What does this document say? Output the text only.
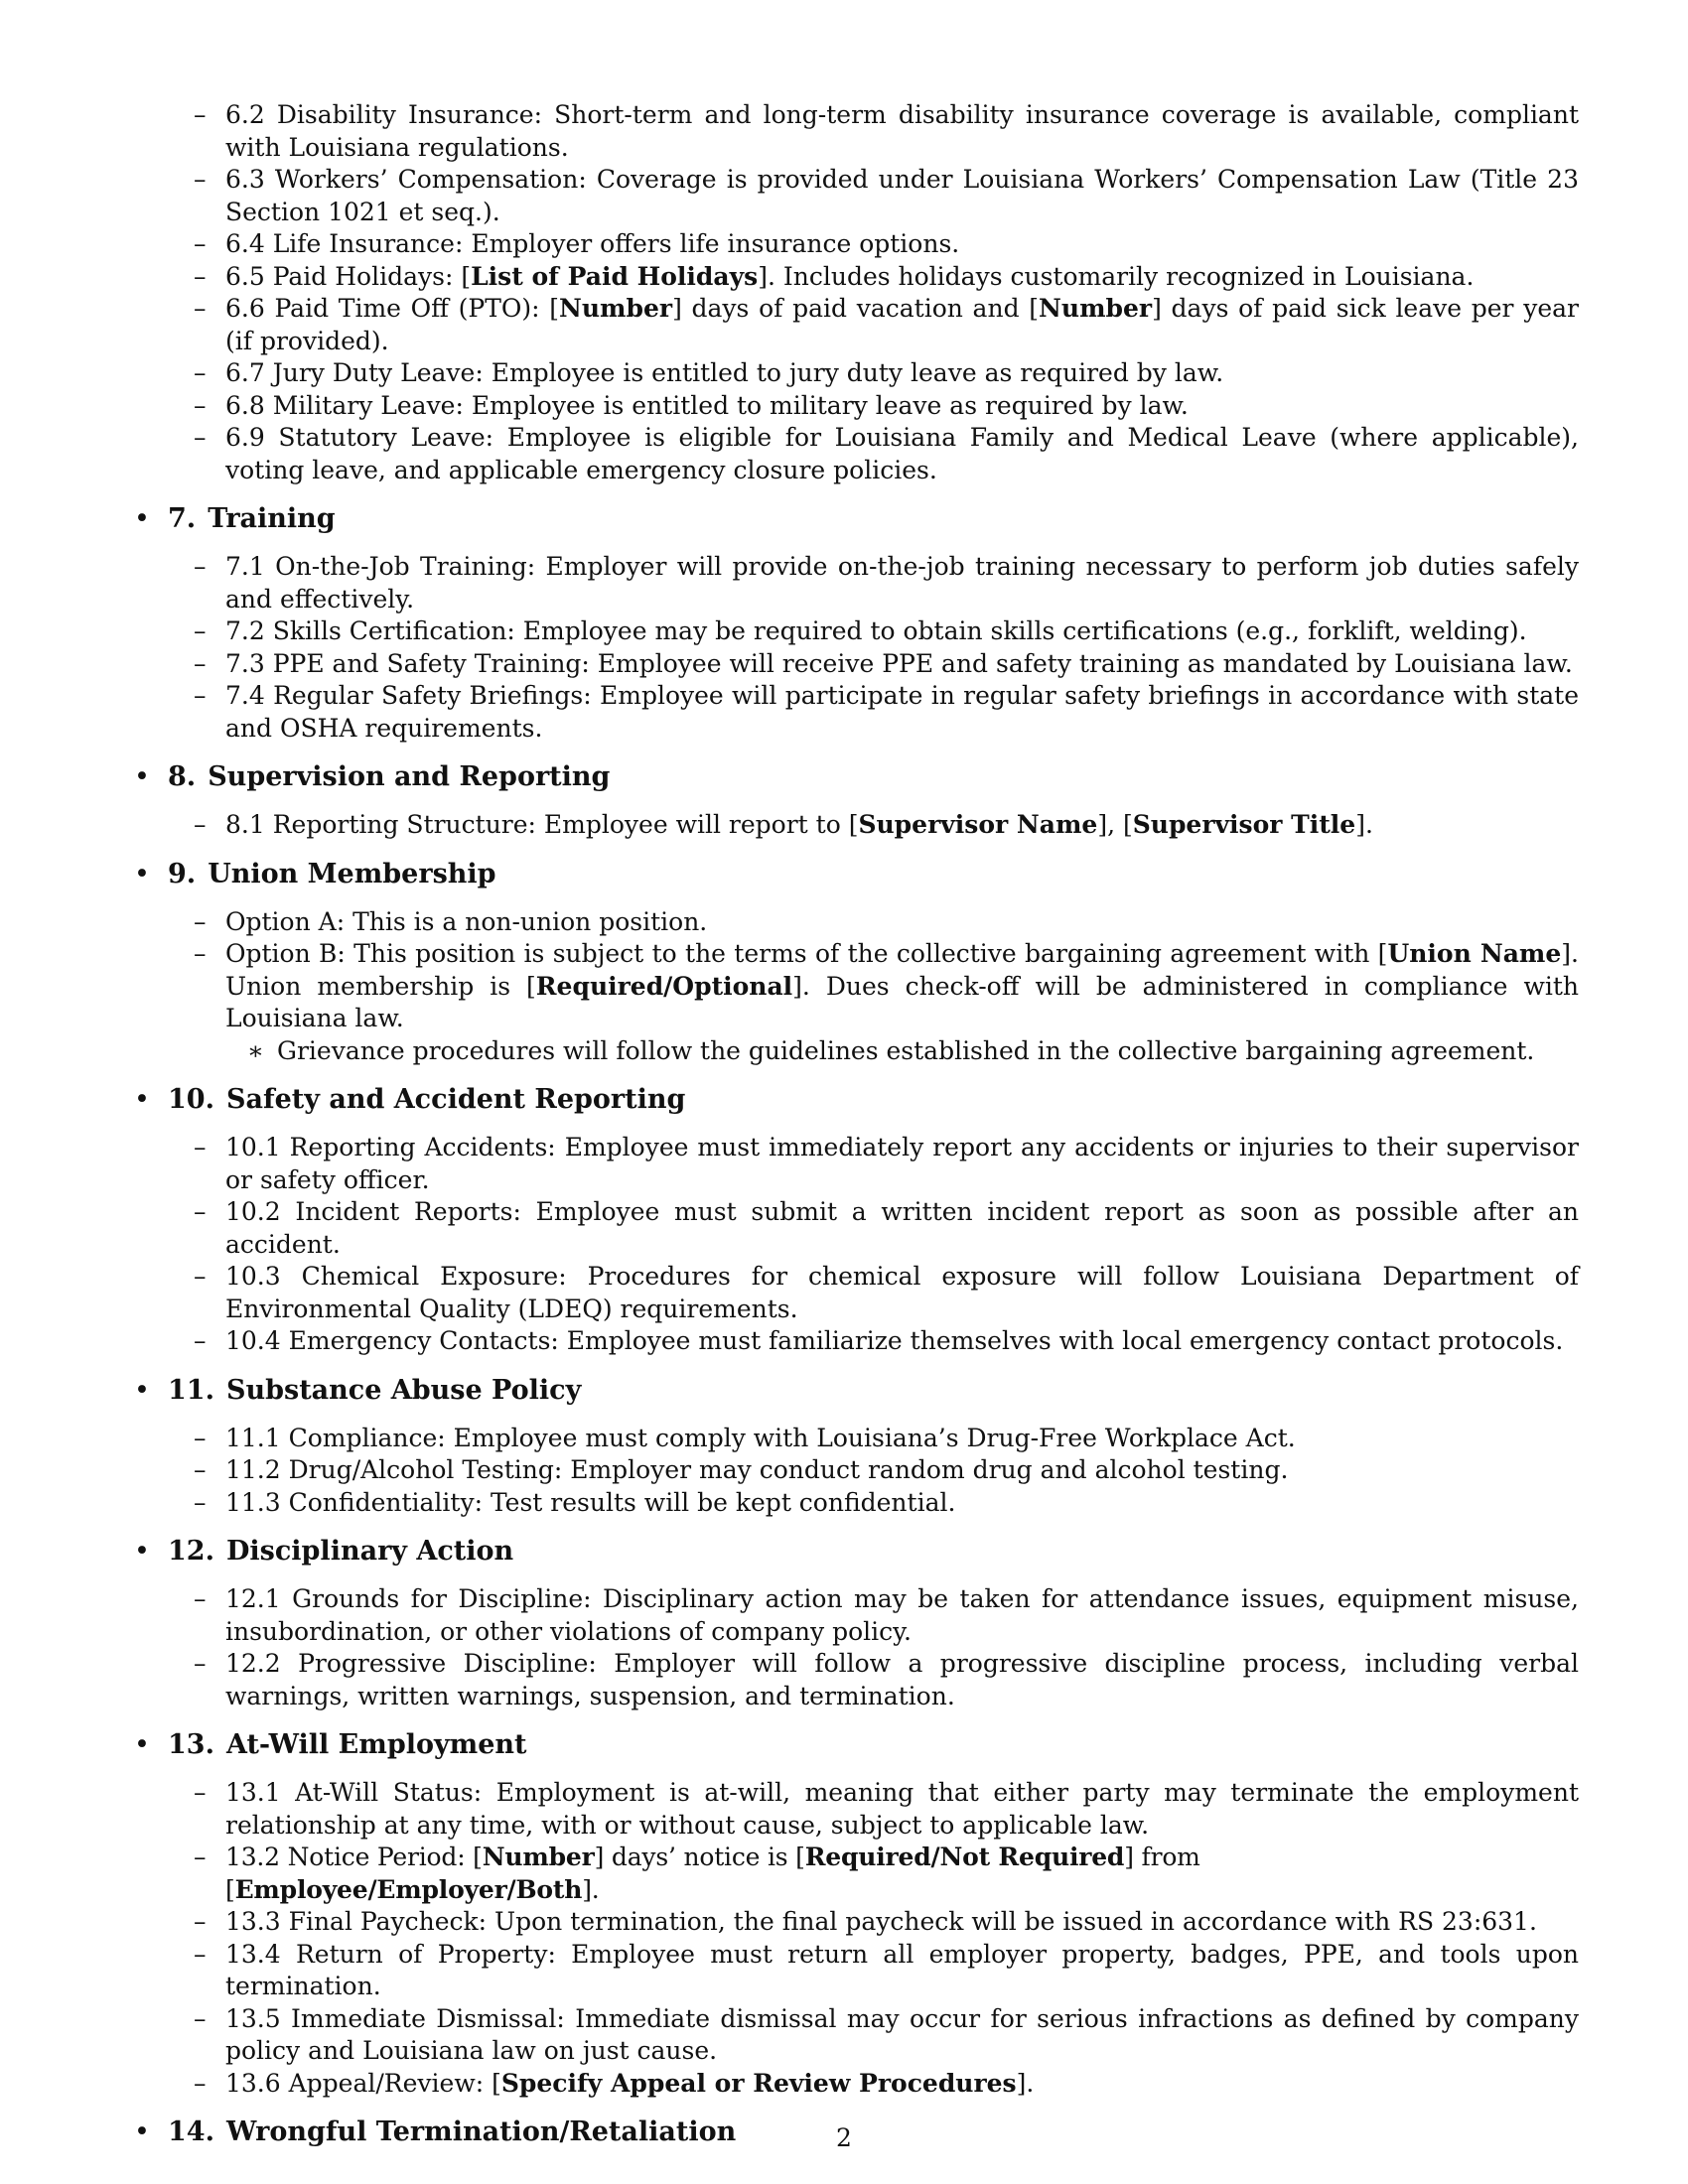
– 6.2 Disability Insurance: Short-term and long-term disability insurance coverage is available, compliant with Louisiana regulations.
– 6.3 Workers’ Compensation: Coverage is provided under Louisiana Workers’ Compensation Law (Title 23 Section 1021 et seq.).
– 6.4 Life Insurance: Employer offers life insurance options.
– 6.5 Paid Holidays: [List of Paid Holidays]. Includes holidays customarily recognized in Louisiana.
– 6.6 Paid Time Off (PTO): [Number] days of paid vacation and [Number] days of paid sick leave per year (if provided).
– 6.7 Jury Duty Leave: Employee is entitled to jury duty leave as required by law.
– 6.8 Military Leave: Employee is entitled to military leave as required by law.
– 6.9 Statutory Leave: Employee is eligible for Louisiana Family and Medical Leave (where applicable), voting leave, and applicable emergency closure policies.
• 7. Training
– 7.1 On-the-Job Training: Employer will provide on-the-job training necessary to perform job duties safely and effectively.
– 7.2 Skills Certification: Employee may be required to obtain skills certifications (e.g., forklift, welding).
– 7.3 PPE and Safety Training: Employee will receive PPE and safety training as mandated by Louisiana law.
– 7.4 Regular Safety Briefings: Employee will participate in regular safety briefings in accordance with state and OSHA requirements.
• 8. Supervision and Reporting
– 8.1 Reporting Structure: Employee will report to [Supervisor Name], [Supervisor Title].
• 9. Union Membership
– Option A: This is a non-union position.
– Option B: This position is subject to the terms of the collective bargaining agreement with [Union Name]. Union membership is [Required/Optional]. Dues check-off will be administered in compliance with Louisiana law.
∗ Grievance procedures will follow the guidelines established in the collective bargaining agreement.
• 10. Safety and Accident Reporting
– 10.1 Reporting Accidents: Employee must immediately report any accidents or injuries to their supervisor or safety officer.
– 10.2 Incident Reports: Employee must submit a written incident report as soon as possible after an accident.
– 10.3 Chemical Exposure: Procedures for chemical exposure will follow Louisiana Department of Environmental Quality (LDEQ) requirements.
– 10.4 Emergency Contacts: Employee must familiarize themselves with local emergency contact protocols.
• 11. Substance Abuse Policy
– 11.1 Compliance: Employee must comply with Louisiana’s Drug-Free Workplace Act.
– 11.2 Drug/Alcohol Testing: Employer may conduct random drug and alcohol testing.
– 11.3 Confidentiality: Test results will be kept confidential.
• 12. Disciplinary Action
– 12.1 Grounds for Discipline: Disciplinary action may be taken for attendance issues, equipment misuse, insubordination, or other violations of company policy.
– 12.2 Progressive Discipline: Employer will follow a progressive discipline process, including verbal warnings, written warnings, suspension, and termination.
• 13. At-Will Employment
– 13.1 At-Will Status: Employment is at-will, meaning that either party may terminate the employment relationship at any time, with or without cause, subject to applicable law.
– 13.2 Notice Period: [Number] days’ notice is [Required/Not Required] from [Employee/Employer/Both].
– 13.3 Final Paycheck: Upon termination, the final paycheck will be issued in accordance with RS 23:631.
– 13.4 Return of Property: Employee must return all employer property, badges, PPE, and tools upon termination.
– 13.5 Immediate Dismissal: Immediate dismissal may occur for serious infractions as defined by company policy and Louisiana law on just cause.
– 13.6 Appeal/Review: [Specify Appeal or Review Procedures].
• 14. Wrongful Termination/Retaliation	2
